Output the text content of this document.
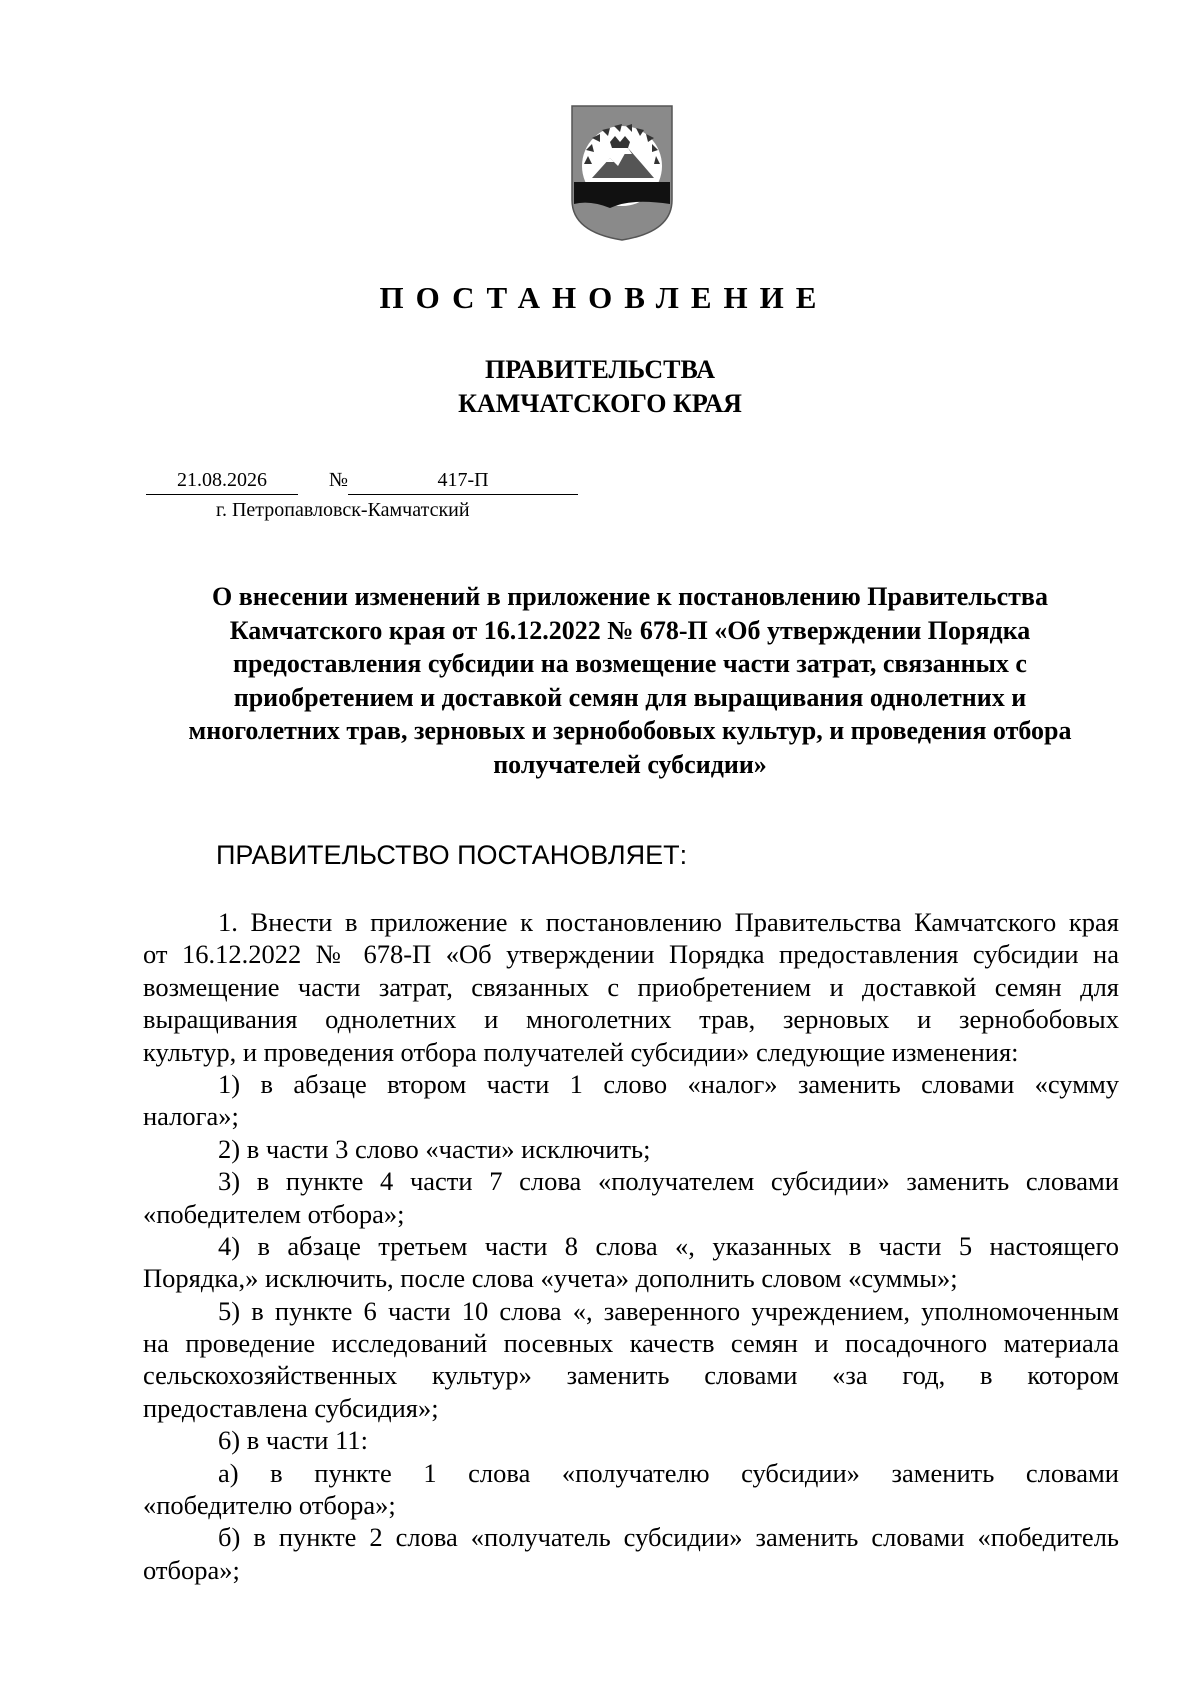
ПОСТАНОВЛЕНИЕ
ПРАВИТЕЛЬСТВА
КАМЧАТСКОГО КРАЯ
21.08.2026	№	417-П
г. Петропавловск-Камчатский
О внесении изменений в приложение к постановлению Правительства
Камчатского края от 16.12.2022 № 678-П «Об утверждении Порядка
предоставления субсидии на возмещение части затрат, связанных с
приобретением и доставкой семян для выращивания однолетних и
многолетних трав, зерновых и зернобобовых культур, и проведения отбора
получателей субсидии»
ПРАВИТЕЛЬСТВО ПОСТАНОВЛЯЕТ:
1. Внести в приложение к постановлению Правительства Камчатского края
от 16.12.2022 № 678-П «Об утверждении Порядка предоставления субсидии на
возмещение части затрат, связанных с приобретением и доставкой семян для
выращивания однолетних и многолетних трав, зерновых и зернобобовых
культур, и проведения отбора получателей субсидии» следующие изменения:
1) в абзаце втором части 1 слово «налог» заменить словами «сумму
налога»;
2) в части 3 слово «части» исключить;
3) в пункте 4 части 7 слова «получателем субсидии» заменить словами
«победителем отбора»;
4) в абзаце третьем части 8 слова «, указанных в части 5 настоящего
Порядка,» исключить, после слова «учета» дополнить словом «суммы»;
5) в пункте 6 части 10 слова «, заверенного учреждением, уполномоченным
на проведение исследований посевных качеств семян и посадочного материала
сельскохозяйственных культур» заменить словами «за год, в котором
предоставлена субсидия»;
6) в части 11:
а) в пункте 1 слова «получателю субсидии» заменить словами
«победителю отбора»;
б) в пункте 2 слова «получатель субсидии» заменить словами «победитель
отбора»;
